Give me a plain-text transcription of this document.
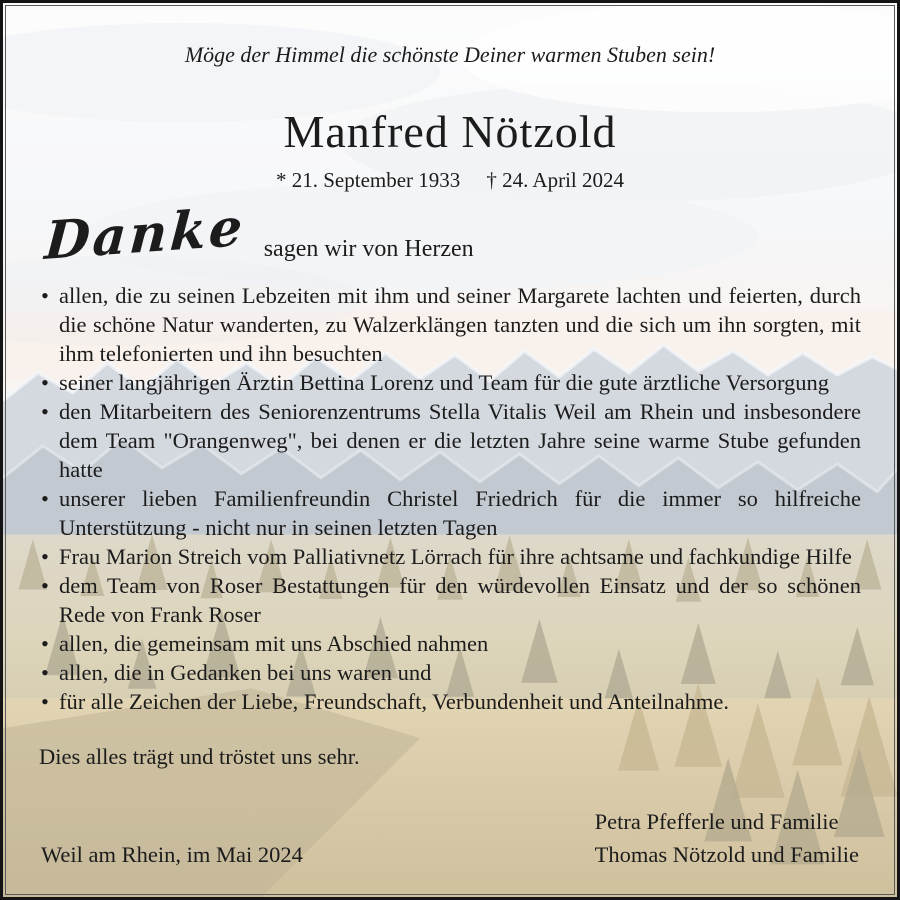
Möge der Himmel die schönste Deiner warmen Stuben sein!
Manfred Nötzold
* 21. September 1933 † 24. April 2024
Danke sagen wir von Herzen
• allen, die zu seinen Lebzeiten mit ihm und seiner Margarete lachten und feierten, durch die schöne Natur wanderten, zu Walzerklängen tanzten und die sich um ihn sorgten, mit ihm telefonierten und ihn besuchten
• seiner langjährigen Ärztin Bettina Lorenz und Team für die gute ärztliche Versorgung
• den Mitarbeitern des Seniorenzentrums Stella Vitalis Weil am Rhein und insbesondere dem Team "Orangenweg", bei denen er die letzten Jahre seine warme Stube gefunden hatte
• unserer lieben Familienfreundin Christel Friedrich für die immer so hilfreiche Unterstützung - nicht nur in seinen letzten Tagen
• Frau Marion Streich vom Palliativnetz Lörrach für ihre achtsame und fachkundige Hilfe
• dem Team von Roser Bestattungen für den würdevollen Einsatz und der so schönen Rede von Frank Roser
• allen, die gemeinsam mit uns Abschied nahmen
• allen, die in Gedanken bei uns waren und
• für alle Zeichen der Liebe, Freundschaft, Verbundenheit und Anteilnahme.
Dies alles trägt und tröstet uns sehr.
Weil am Rhein, im Mai 2024
Petra Pfefferle und Familie
Thomas Nötzold und Familie
